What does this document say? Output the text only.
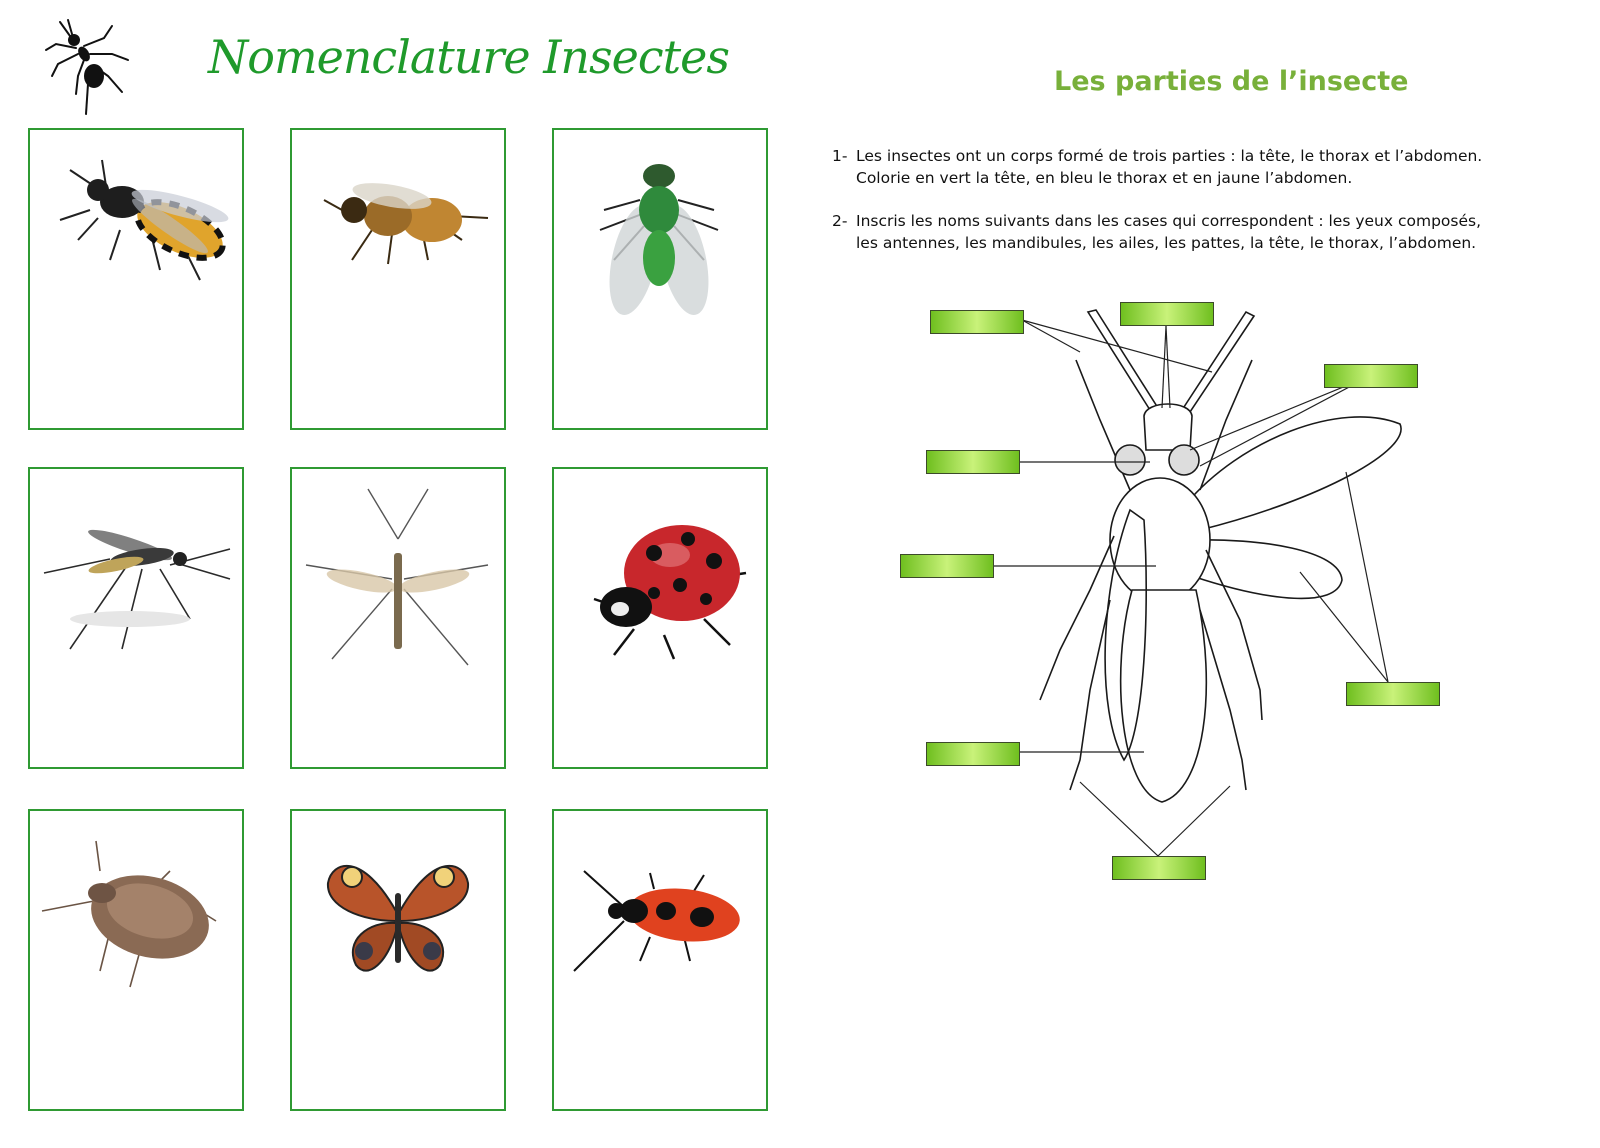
Nomenclature Insectes	Les parties de l’insecte
1- Les insectes ont un corps formé de trois parties : la tête, le thorax et l’abdomen.
Colorie en vert la tête, en bleu le thorax et en jaune l’abdomen.
2- Inscris les noms suivants dans les cases qui correspondent : les yeux composés,
les antennes, les mandibules, les ailes, les pattes, la tête, le thorax, l’abdomen.
